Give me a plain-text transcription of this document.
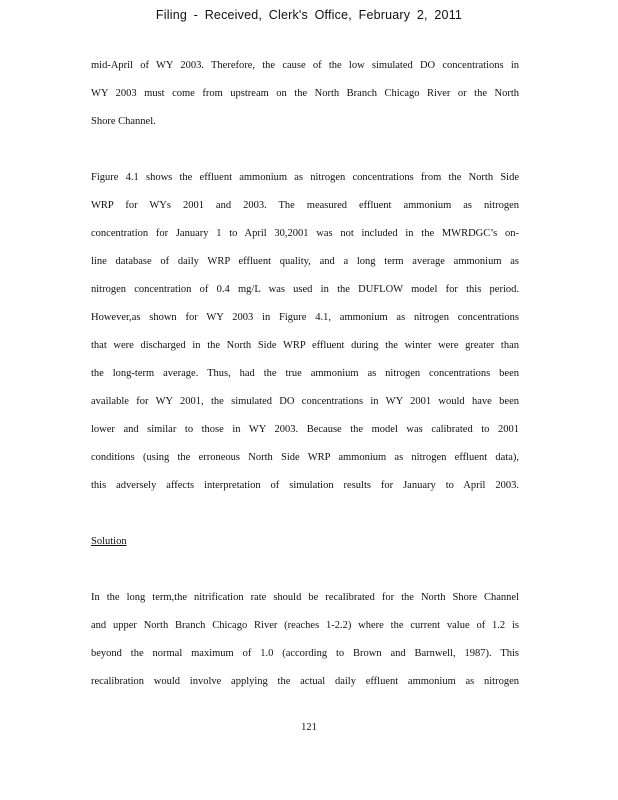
Filing - Received, Clerk's Office, February 2, 2011
mid-April of WY 2003. Therefore, the cause of the low simulated DO concentrations in
WY 2003 must come from upstream on the North Branch Chicago River or the North
Shore Channel.
Figure 4.1 shows the effluent ammonium as nitrogen concentrations from the North Side
WRP for WYs 2001 and 2003. The measured effluent ammonium as nitrogen
concentration for January 1 to April 30,2001 was not included in the MWRDGC’s on-
line database of daily WRP effluent quality, and a long term average ammonium as
nitrogen concentration of 0.4 mg/L was used in the DUFLOW model for this period.
However,as shown for WY 2003 in Figure 4.1, ammonium as nitrogen concentrations
that were discharged in the North Side WRP effluent during the winter were greater than
the long-term average. Thus, had the true ammonium as nitrogen concentrations been
available for WY 2001, the simulated DO concentrations in WY 2001 would have been
lower and similar to those in WY 2003. Because the model was calibrated to 2001
conditions (using the erroneous North Side WRP ammonium as nitrogen effluent data),
this adversely affects interpretation of simulation results for January to April 2003.
Solution
In the long term,the nitrification rate should be recalibrated for the North Shore Channel
and upper North Branch Chicago River (reaches 1-2.2) where the current value of 1.2 is
beyond the normal maximum of 1.0 (according to Brown and Barnwell, 1987). This
recalibration would involve applying the actual daily effluent ammonium as nitrogen
121
